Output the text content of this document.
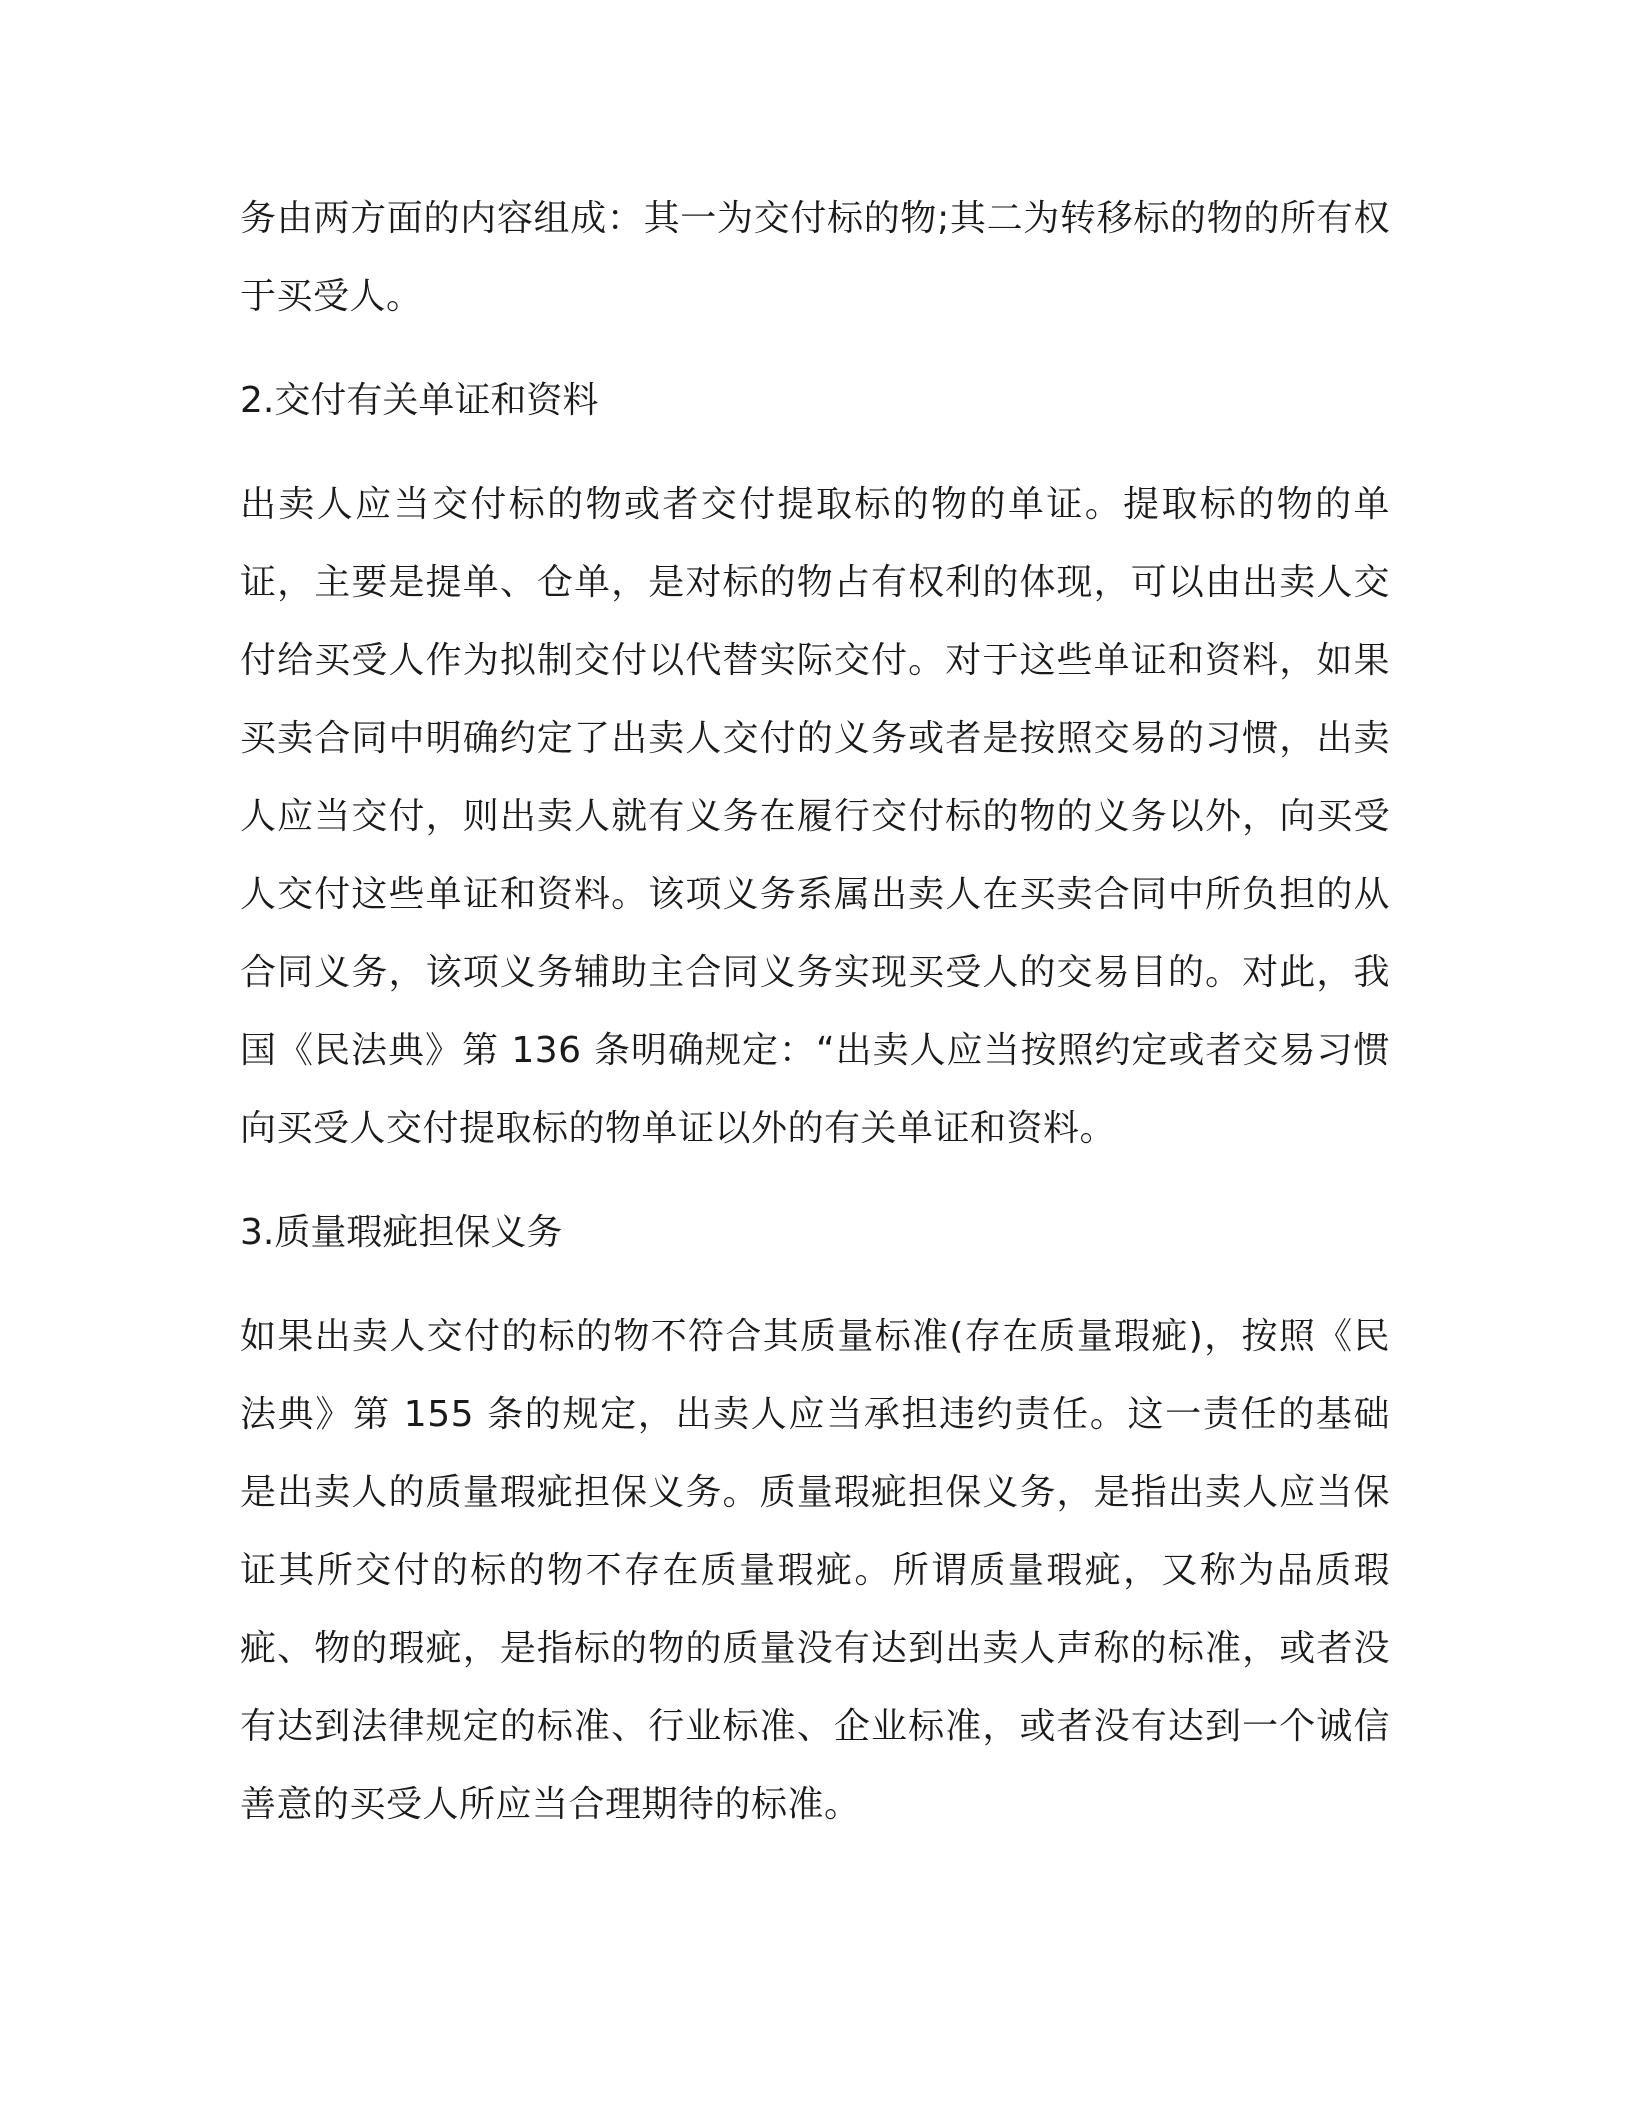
务由两方面的内容组成：其一为交付标的物;其二为转移标的物的所有权于买受人。

2.交付有关单证和资料

出卖人应当交付标的物或者交付提取标的物的单证。提取标的物的单证，主要是提单、仓单，是对标的物占有权利的体现，可以由出卖人交付给买受人作为拟制交付以代替实际交付。对于这些单证和资料，如果买卖合同中明确约定了出卖人交付的义务或者是按照交易的习惯，出卖人应当交付，则出卖人就有义务在履行交付标的物的义务以外，向买受人交付这些单证和资料。该项义务系属出卖人在买卖合同中所负担的从合同义务，该项义务辅助主合同义务实现买受人的交易目的。对此，我国《民法典》第 136 条明确规定：“出卖人应当按照约定或者交易习惯向买受人交付提取标的物单证以外的有关单证和资料。

3.质量瑕疵担保义务

如果出卖人交付的标的物不符合其质量标准(存在质量瑕疵)，按照《民法典》第 155 条的规定，出卖人应当承担违约责任。这一责任的基础是出卖人的质量瑕疵担保义务。质量瑕疵担保义务，是指出卖人应当保证其所交付的标的物不存在质量瑕疵。所谓质量瑕疵，又称为品质瑕疵、物的瑕疵，是指标的物的质量没有达到出卖人声称的标准，或者没有达到法律规定的标准、行业标准、企业标准，或者没有达到一个诚信善意的买受人所应当合理期待的标准。
